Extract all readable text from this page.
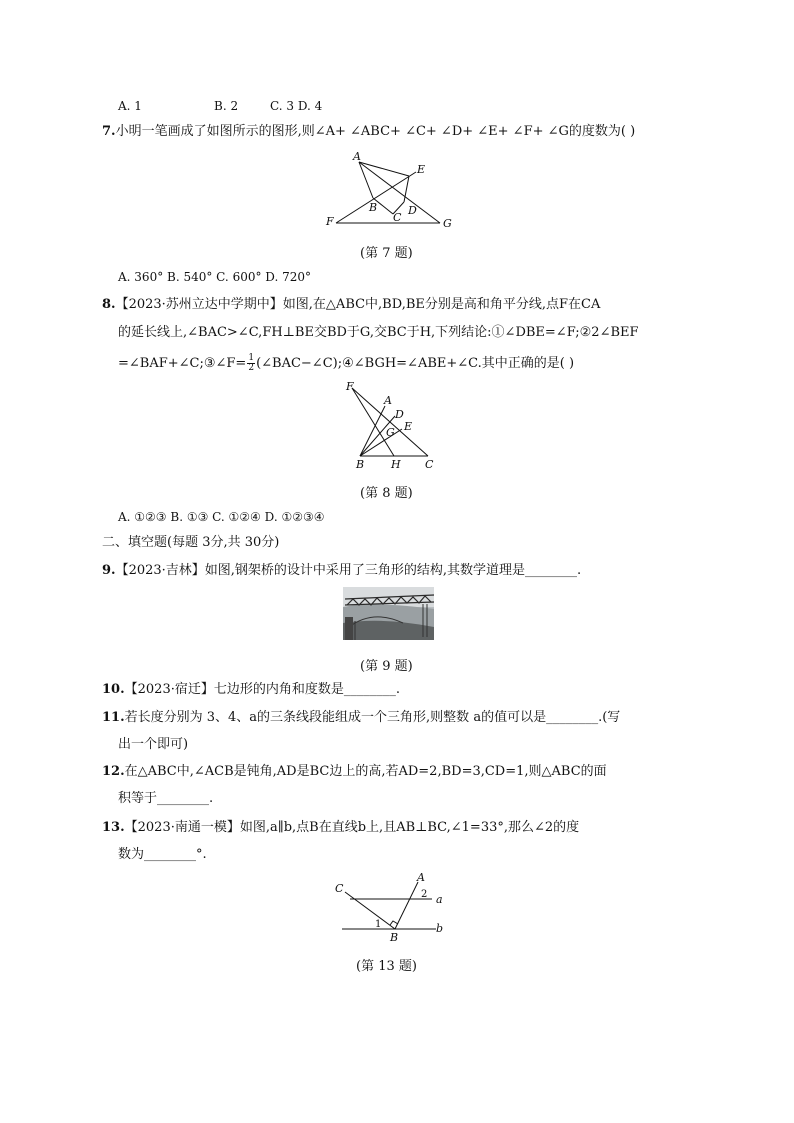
A. 1	B. 2	C. 3 D. 4
7.小明一笔画成了如图所示的图形,则∠A+ ∠ABC+ ∠C+ ∠D+ ∠E+ ∠F+ ∠G的度数为( )
A
E
B
C
D
F	G
(第 7 题)
A. 360° B. 540° C. 600° D. 720°
8.【2023·苏州立达中学期中】如图,在△ABC中,BD,BE分别是高和角平分线,点F在CA
的延长线上,∠BAC>∠C,FH⊥BE交BD于G,交BC于H,下列结论:①∠DBE=∠F;②2∠BEF
=∠BAF+∠C;③∠F= $\frac{1}{2}$ (∠BAC−∠C);④∠BGH=∠ABE+∠C.其中正确的是( )
F
A
D
G E
B H C
(第 8 题)
A. ①②③ B. ①③ C. ①②④ D. ①②③④
二、填空题(每题 3分,共 30分)
9.【2023·吉林】如图,钢架桥的设计中采用了三角形的结构,其数学道理是________.
(第 9 题)
10.【2023·宿迁】七边形的内角和度数是________.
11.若长度分别为 3、4、a的三条线段能组成一个三角形,则整数 a的值可以是________.(写
出一个即可)
12.在△ABC中,∠ACB是钝角,AD是BC边上的高,若AD=2,BD=3,CD=1,则△ABC的面
积等于________.
13.【2023·南通一模】如图,a∥b,点B在直线b上,且AB⊥BC,∠1=33°,那么∠2的度
数为________°.
C
A
2 a
1	b
B
(第 13 题)
